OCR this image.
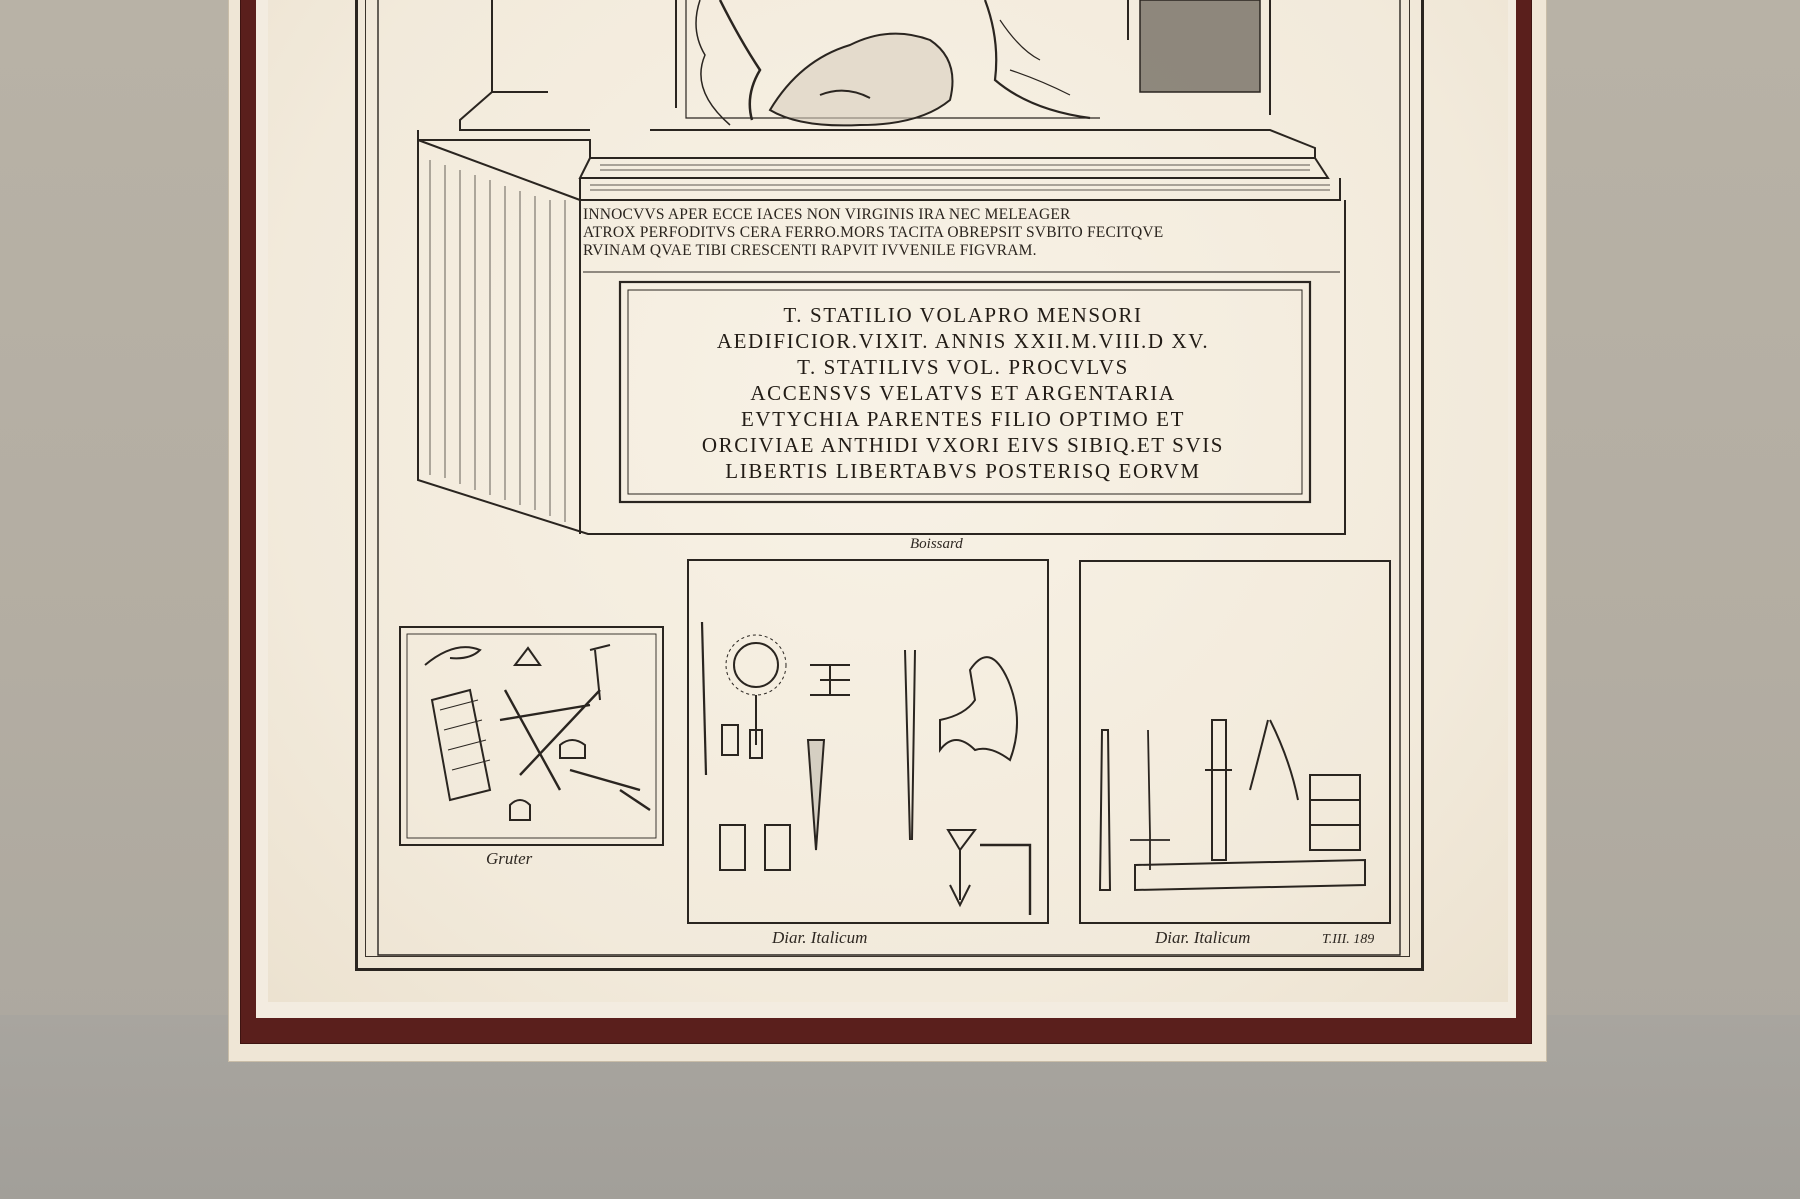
INNOCVVS APER ECCE IACES NON VIRGINIS IRA NEC MELEAGER
ATROX PERFODITVS CERA FERRO.MORS TACITA OBREPSIT SVBITO FECITQVE
RVINAM QVAE TIBI CRESCENTI RAPVIT IVVENILE FIGVRAM.
T. STATILIO VOLAPRO MENSORI
AEDIFICIOR.VIXIT. ANNIS XXII.M.VIII.D XV.
T. STATILIVS VOL. PROCVLVS
ACCENSVS VELATVS ET ARGENTARIA
EVTYCHIA PARENTES FILIO OPTIMO ET
ORCIVIAE ANTHIDI VXORI EIVS SIBIQ.ET SVIS
LIBERTIS LIBERTABVS POSTERISQ EORVM
Boissard
Gruter
Diar. Italicum	Diar. Italicum	T.III. 189
